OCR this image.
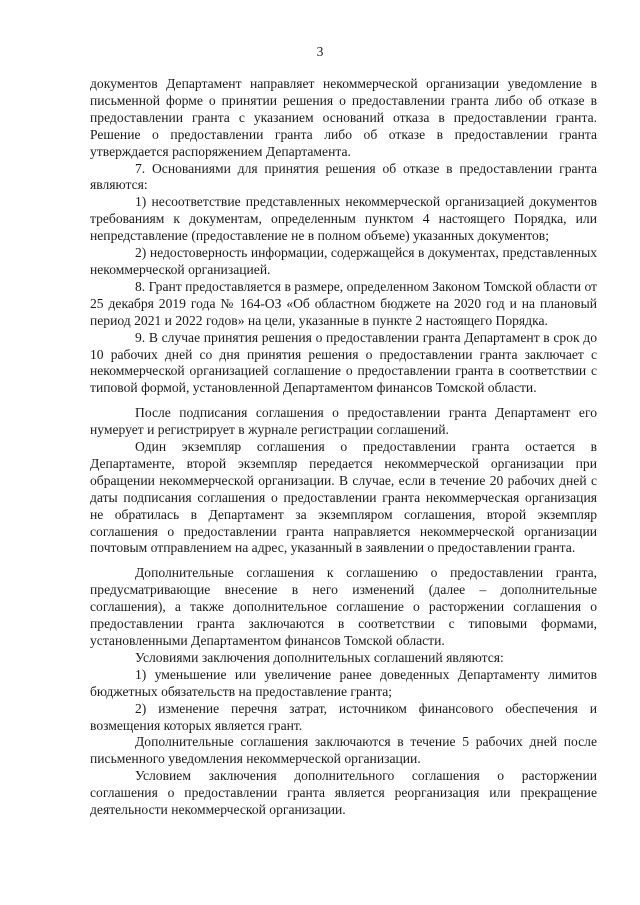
3

документов Департамент направляет некоммерческой организации уведомление в письменной форме о принятии решения о предоставлении гранта либо об отказе в предоставлении гранта с указанием оснований отказа в предоставлении гранта. Решение о предоставлении гранта либо об отказе в предоставлении гранта утверждается распоряжением Департамента.

7. Основаниями для принятия решения об отказе в предоставлении гранта являются:

1) несоответствие представленных некоммерческой организацией документов требованиям к документам, определенным пунктом 4 настоящего Порядка, или непредставление (предоставление не в полном объеме) указанных документов;

2) недостоверность информации, содержащейся в документах, представленных некоммерческой организацией.

8. Грант предоставляется в размере, определенном Законом Томской области от 25 декабря 2019 года № 164-ОЗ «Об областном бюджете на 2020 год и на плановый период 2021 и 2022 годов» на цели, указанные в пункте 2 настоящего Порядка.

9. В случае принятия решения о предоставлении гранта Департамент в срок до 10 рабочих дней со дня принятия решения о предоставлении гранта заключает с некоммерческой организацией соглашение о предоставлении гранта в соответствии с типовой формой, установленной Департаментом финансов Томской области.

После подписания соглашения о предоставлении гранта Департамент его нумерует и регистрирует в журнале регистрации соглашений.

Один экземпляр соглашения о предоставлении гранта остается в Департаменте, второй экземпляр передается некоммерческой организации при обращении некоммерческой организации. В случае, если в течение 20 рабочих дней с даты подписания соглашения о предоставлении гранта некоммерческая организация не обратилась в Департамент за экземпляром соглашения, второй экземпляр соглашения о предоставлении гранта направляется некоммерческой организации почтовым отправлением на адрес, указанный в заявлении о предоставлении гранта.

Дополнительные соглашения к соглашению о предоставлении гранта, предусматривающие внесение в него изменений (далее – дополнительные соглашения), а также дополнительное соглашение о расторжении соглашения о предоставлении гранта заключаются в соответствии с типовыми формами, установленными Департаментом финансов Томской области.

Условиями заключения дополнительных соглашений являются:

1) уменьшение или увеличение ранее доведенных Департаменту лимитов бюджетных обязательств на предоставление гранта;

2) изменение перечня затрат, источником финансового обеспечения и возмещения которых является грант.

Дополнительные соглашения заключаются в течение 5 рабочих дней после письменного уведомления некоммерческой организации.

Условием заключения дополнительного соглашения о расторжении соглашения о предоставлении гранта является реорганизация или прекращение деятельности некоммерческой организации.
